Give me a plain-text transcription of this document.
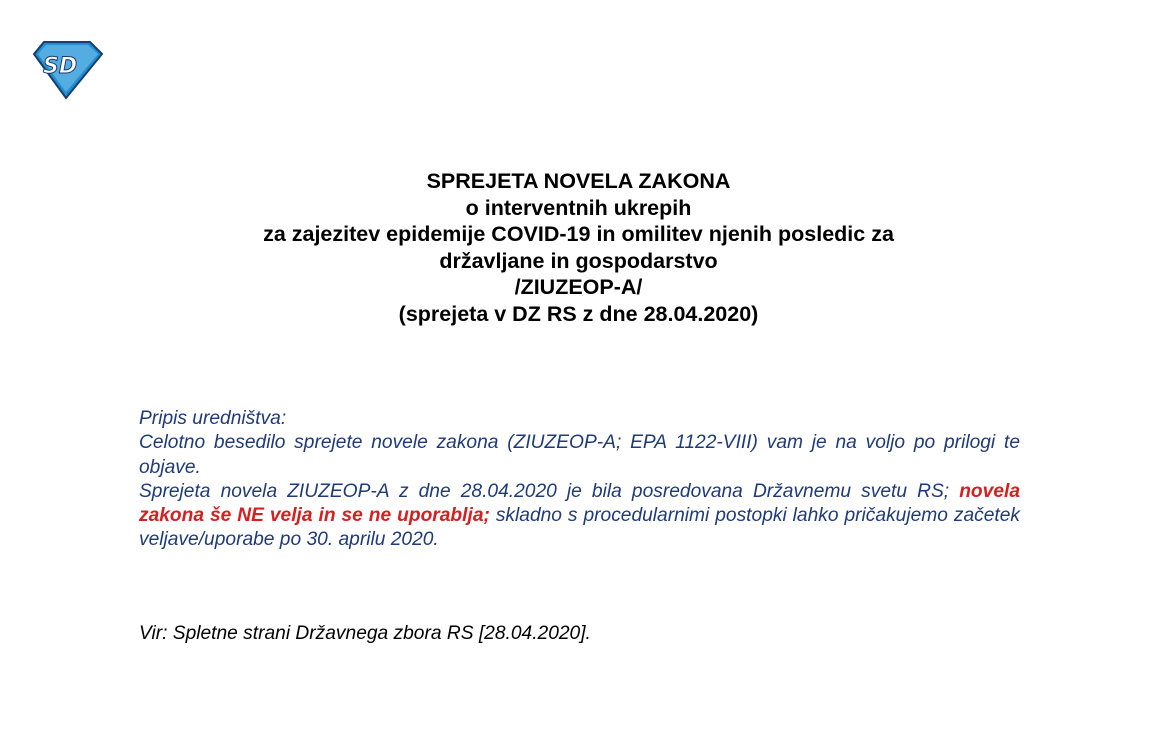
SD
SPREJETA NOVELA ZAKONA
o interventnih ukrepih
za zajezitev epidemije COVID-19 in omilitev njenih posledic za
državljane in gospodarstvo
/ZIUZEOP-A/
(sprejeta v DZ RS z dne 28.04.2020)

Pripis uredništva:

Celotno besedilo sprejete novele zakona (ZIUZEOP-A; EPA 1122-VIII) vam je na voljo po prilogi te objave.

Sprejeta novela ZIUZEOP-A z dne 28.04.2020 je bila posredovana Državnemu svetu RS; novela zakona še NE velja in se ne uporablja; skladno s procedularnimi postopki lahko pričakujemo začetek veljave/uporabe po 30. aprilu 2020.

Vir: Spletne strani Državnega zbora RS [28.04.2020].
